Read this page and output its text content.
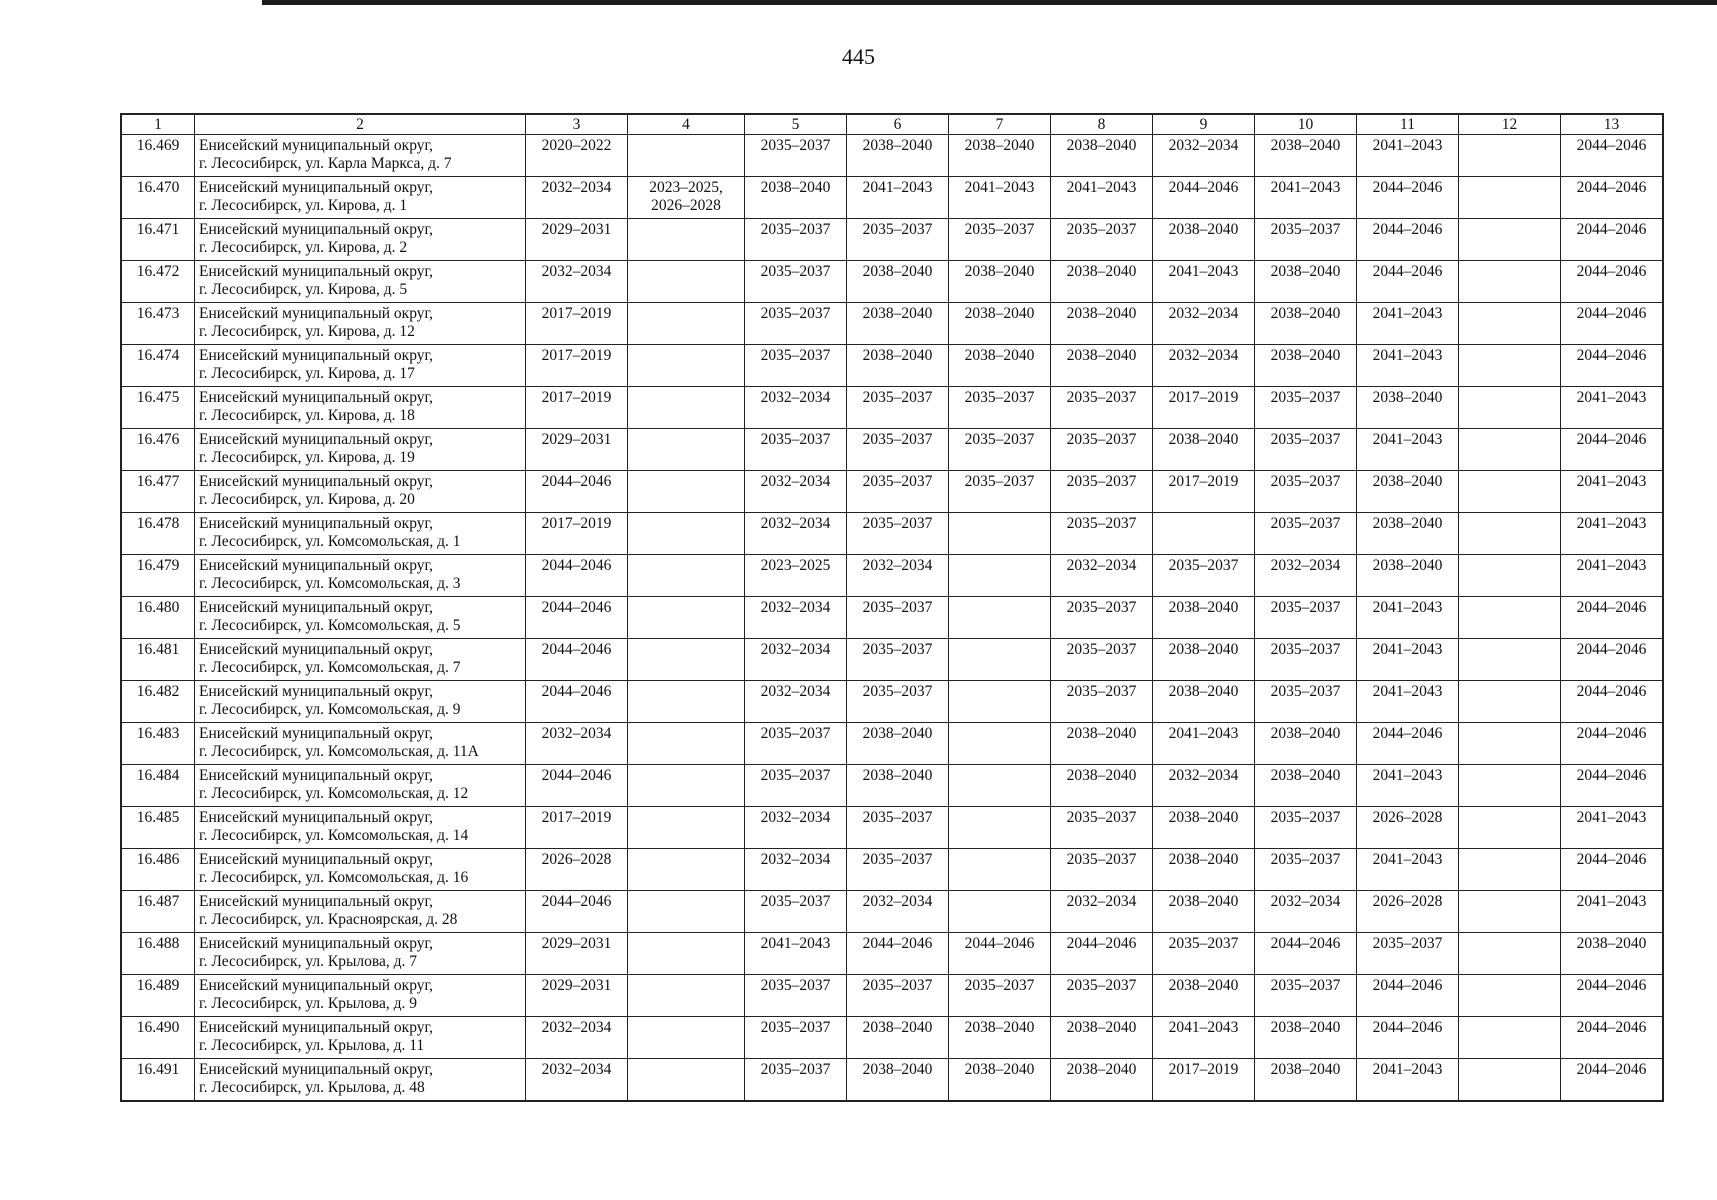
445
1	2	3	4	5	6	7	8	9	10	11	12	13
16.469	Енисейский муниципальный округ,
г. Лесосибирск, ул. Карла Маркса, д. 7	2020–2022		2035–2037	2038–2040	2038–2040	2038–2040	2032–2034	2038–2040	2041–2043		2044–2046
16.470	Енисейский муниципальный округ,
г. Лесосибирск, ул. Кирова, д. 1	2032–2034	2023–2025,
2026–2028	2038–2040	2041–2043	2041–2043	2041–2043	2044–2046	2041–2043	2044–2046		2044–2046
16.471	Енисейский муниципальный округ,
г. Лесосибирск, ул. Кирова, д. 2	2029–2031		2035–2037	2035–2037	2035–2037	2035–2037	2038–2040	2035–2037	2044–2046		2044–2046
16.472	Енисейский муниципальный округ,
г. Лесосибирск, ул. Кирова, д. 5	2032–2034		2035–2037	2038–2040	2038–2040	2038–2040	2041–2043	2038–2040	2044–2046		2044–2046
16.473	Енисейский муниципальный округ,
г. Лесосибирск, ул. Кирова, д. 12	2017–2019		2035–2037	2038–2040	2038–2040	2038–2040	2032–2034	2038–2040	2041–2043		2044–2046
16.474	Енисейский муниципальный округ,
г. Лесосибирск, ул. Кирова, д. 17	2017–2019		2035–2037	2038–2040	2038–2040	2038–2040	2032–2034	2038–2040	2041–2043		2044–2046
16.475	Енисейский муниципальный округ,
г. Лесосибирск, ул. Кирова, д. 18	2017–2019		2032–2034	2035–2037	2035–2037	2035–2037	2017–2019	2035–2037	2038–2040		2041–2043
16.476	Енисейский муниципальный округ,
г. Лесосибирск, ул. Кирова, д. 19	2029–2031		2035–2037	2035–2037	2035–2037	2035–2037	2038–2040	2035–2037	2041–2043		2044–2046
16.477	Енисейский муниципальный округ,
г. Лесосибирск, ул. Кирова, д. 20	2044–2046		2032–2034	2035–2037	2035–2037	2035–2037	2017–2019	2035–2037	2038–2040		2041–2043
16.478	Енисейский муниципальный округ,
г. Лесосибирск, ул. Комсомольская, д. 1	2017–2019		2032–2034	2035–2037		2035–2037		2035–2037	2038–2040		2041–2043
16.479	Енисейский муниципальный округ,
г. Лесосибирск, ул. Комсомольская, д. 3	2044–2046		2023–2025	2032–2034		2032–2034	2035–2037	2032–2034	2038–2040		2041–2043
16.480	Енисейский муниципальный округ,
г. Лесосибирск, ул. Комсомольская, д. 5	2044–2046		2032–2034	2035–2037		2035–2037	2038–2040	2035–2037	2041–2043		2044–2046
16.481	Енисейский муниципальный округ,
г. Лесосибирск, ул. Комсомольская, д. 7	2044–2046		2032–2034	2035–2037		2035–2037	2038–2040	2035–2037	2041–2043		2044–2046
16.482	Енисейский муниципальный округ,
г. Лесосибирск, ул. Комсомольская, д. 9	2044–2046		2032–2034	2035–2037		2035–2037	2038–2040	2035–2037	2041–2043		2044–2046
16.483	Енисейский муниципальный округ,
г. Лесосибирск, ул. Комсомольская, д. 11А	2032–2034		2035–2037	2038–2040		2038–2040	2041–2043	2038–2040	2044–2046		2044–2046
16.484	Енисейский муниципальный округ,
г. Лесосибирск, ул. Комсомольская, д. 12	2044–2046		2035–2037	2038–2040		2038–2040	2032–2034	2038–2040	2041–2043		2044–2046
16.485	Енисейский муниципальный округ,
г. Лесосибирск, ул. Комсомольская, д. 14	2017–2019		2032–2034	2035–2037		2035–2037	2038–2040	2035–2037	2026–2028		2041–2043
16.486	Енисейский муниципальный округ,
г. Лесосибирск, ул. Комсомольская, д. 16	2026–2028		2032–2034	2035–2037		2035–2037	2038–2040	2035–2037	2041–2043		2044–2046
16.487	Енисейский муниципальный округ,
г. Лесосибирск, ул. Красноярская, д. 28	2044–2046		2035–2037	2032–2034		2032–2034	2038–2040	2032–2034	2026–2028		2041–2043
16.488	Енисейский муниципальный округ,
г. Лесосибирск, ул. Крылова, д. 7	2029–2031		2041–2043	2044–2046	2044–2046	2044–2046	2035–2037	2044–2046	2035–2037		2038–2040
16.489	Енисейский муниципальный округ,
г. Лесосибирск, ул. Крылова, д. 9	2029–2031		2035–2037	2035–2037	2035–2037	2035–2037	2038–2040	2035–2037	2044–2046		2044–2046
16.490	Енисейский муниципальный округ,
г. Лесосибирск, ул. Крылова, д. 11	2032–2034		2035–2037	2038–2040	2038–2040	2038–2040	2041–2043	2038–2040	2044–2046		2044–2046
16.491	Енисейский муниципальный округ,
г. Лесосибирск, ул. Крылова, д. 48	2032–2034		2035–2037	2038–2040	2038–2040	2038–2040	2017–2019	2038–2040	2041–2043		2044–2046
